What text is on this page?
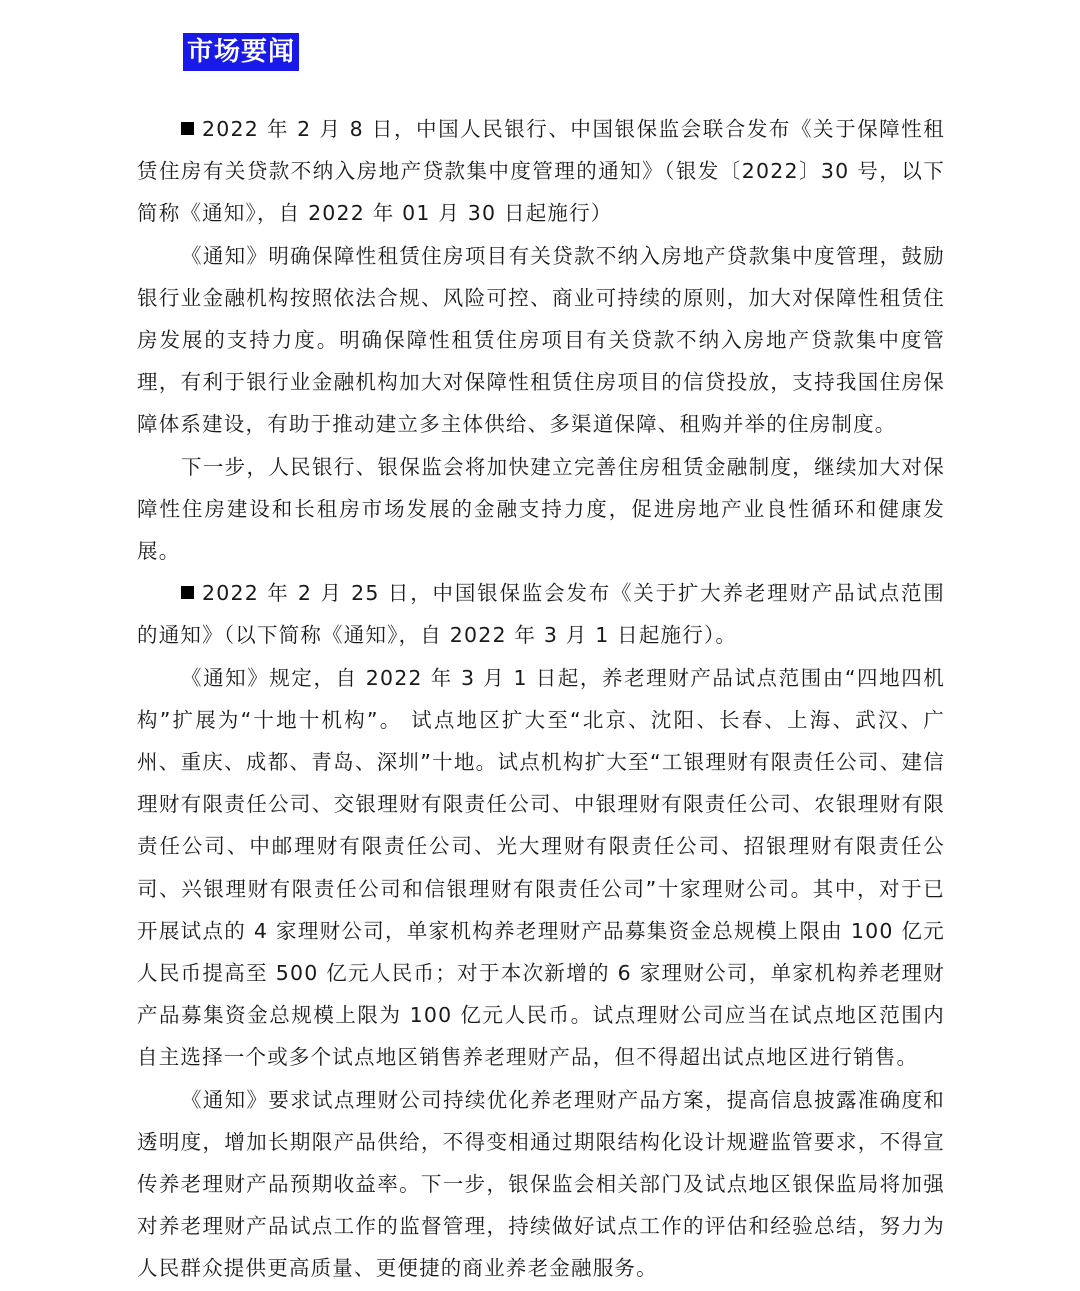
市场要闻

2022 年 2 月 8 日，中国人民银行、中国银保监会联合发布《关于保障性租赁住房有关贷款不纳入房地产贷款集中度管理的通知》（银发〔2022〕30 号，以下简称《通知》，自 2022 年 01 月 30 日起施行）

《通知》明确保障性租赁住房项目有关贷款不纳入房地产贷款集中度管理，鼓励银行业金融机构按照依法合规、风险可控、商业可持续的原则，加大对保障性租赁住房发展的支持力度。明确保障性租赁住房项目有关贷款不纳入房地产贷款集中度管理，有利于银行业金融机构加大对保障性租赁住房项目的信贷投放，支持我国住房保障体系建设，有助于推动建立多主体供给、多渠道保障、租购并举的住房制度。

下一步，人民银行、银保监会将加快建立完善住房租赁金融制度，继续加大对保障性住房建设和长租房市场发展的金融支持力度，促进房地产业良性循环和健康发展。

2022 年 2 月 25 日，中国银保监会发布《关于扩大养老理财产品试点范围的通知》（以下简称《通知》，自 2022 年 3 月 1 日起施行）。

《通知》规定，自 2022 年 3 月 1 日起，养老理财产品试点范围由“四地四机构”扩展为“十地十机构”。 试点地区扩大至“北京、沈阳、长春、上海、武汉、广州、重庆、成都、青岛、深圳”十地。试点机构扩大至“工银理财有限责任公司、建信理财有限责任公司、交银理财有限责任公司、中银理财有限责任公司、农银理财有限责任公司、中邮理财有限责任公司、光大理财有限责任公司、招银理财有限责任公司、兴银理财有限责任公司和信银理财有限责任公司”十家理财公司。其中，对于已开展试点的 4 家理财公司，单家机构养老理财产品募集资金总规模上限由 100 亿元人民币提高至 500 亿元人民币；对于本次新增的 6 家理财公司，单家机构养老理财产品募集资金总规模上限为 100 亿元人民币。试点理财公司应当在试点地区范围内自主选择一个或多个试点地区销售养老理财产品，但不得超出试点地区进行销售。

《通知》要求试点理财公司持续优化养老理财产品方案，提高信息披露准确度和透明度，增加长期限产品供给，不得变相通过期限结构化设计规避监管要求，不得宣传养老理财产品预期收益率。下一步，银保监会相关部门及试点地区银保监局将加强对养老理财产品试点工作的监督管理，持续做好试点工作的评估和经验总结，努力为人民群众提供更高质量、更便捷的商业养老金融服务。
